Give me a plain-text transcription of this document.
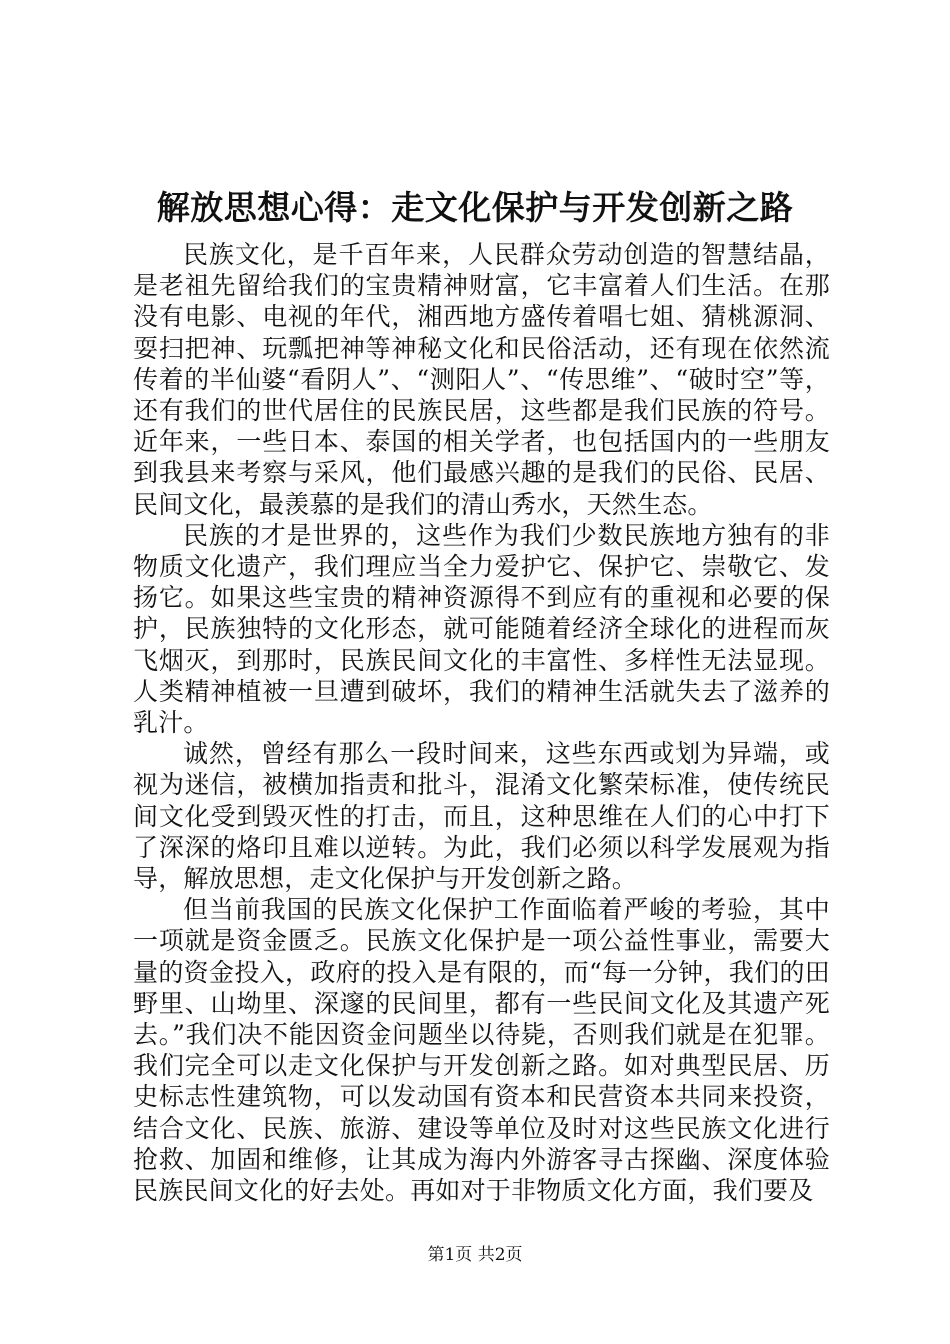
解放思想心得：走文化保护与开发创新之路

民族文化，是千百年来，人民群众劳动创造的智慧结晶，是老祖先留给我们的宝贵精神财富，它丰富着人们生活。在那没有电影、电视的年代，湘西地方盛传着唱七姐、猜桃源洞、耍扫把神、玩瓢把神等神秘文化和民俗活动，还有现在依然流传着的半仙婆“看阴人”、“测阳人”、“传思维”、“破时空”等，还有我们的世代居住的民族民居，这些都是我们民族的符号。近年来，一些日本、泰国的相关学者，也包括国内的一些朋友到我县来考察与采风，他们最感兴趣的是我们的民俗、民居、民间文化，最羡慕的是我们的清山秀水，天然生态。

民族的才是世界的，这些作为我们少数民族地方独有的非物质文化遗产，我们理应当全力爱护它、保护它、崇敬它、发扬它。如果这些宝贵的精神资源得不到应有的重视和必要的保护，民族独特的文化形态，就可能随着经济全球化的进程而灰飞烟灭，到那时，民族民间文化的丰富性、多样性无法显现。人类精神植被一旦遭到破坏，我们的精神生活就失去了滋养的乳汁。

诚然，曾经有那么一段时间来，这些东西或划为异端，或视为迷信，被横加指责和批斗，混淆文化繁荣标准，使传统民间文化受到毁灭性的打击，而且，这种思维在人们的心中打下了深深的烙印且难以逆转。为此，我们必须以科学发展观为指导，解放思想，走文化保护与开发创新之路。

但当前我国的民族文化保护工作面临着严峻的考验，其中一项就是资金匮乏。民族文化保护是一项公益性事业，需要大量的资金投入，政府的投入是有限的，而“每一分钟，我们的田野里、山坳里、深邃的民间里，都有一些民间文化及其遗产死去。”我们决不能因资金问题坐以待毙，否则我们就是在犯罪。我们完全可以走文化保护与开发创新之路。如对典型民居、历史标志性建筑物，可以发动国有资本和民营资本共同来投资，结合文化、民族、旅游、建设等单位及时对这些民族文化进行抢救、加固和维修，让其成为海内外游客寻古探幽、深度体验民族民间文化的好去处。再如对于非物质文化方面，我们要及

第1页 共2页
